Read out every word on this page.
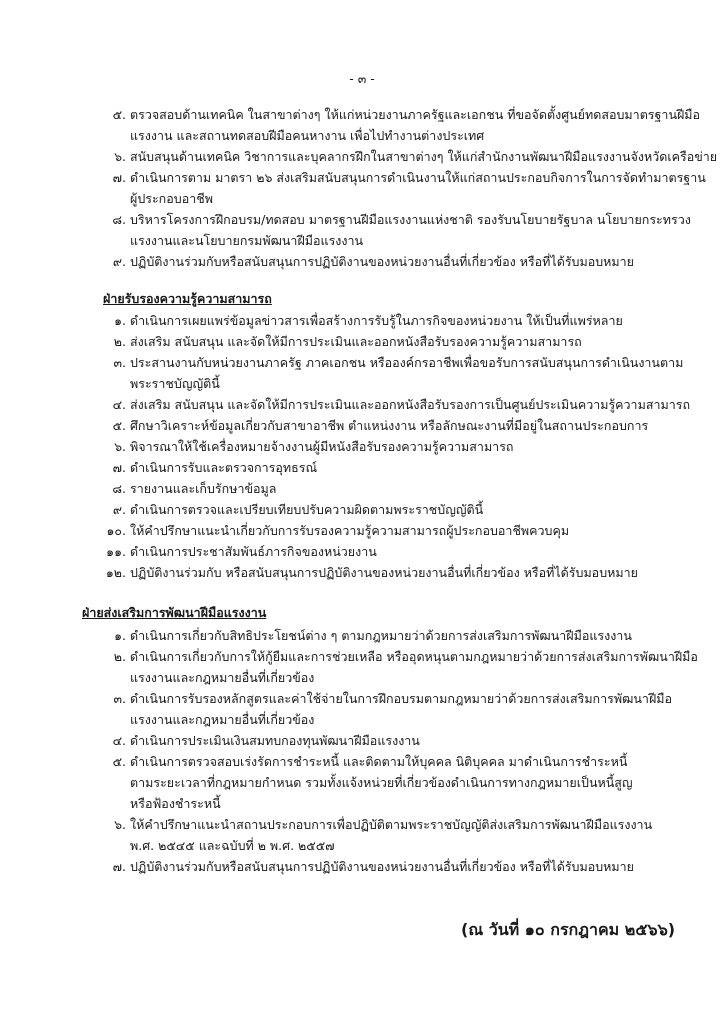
- ๓ -
๕. ตรวจสอบด้านเทคนิค ในสาขาต่างๆ ให้แก่หน่วยงานภาครัฐและเอกชน ที่ขอจัดตั้งศูนย์ทดสอบมาตรฐานฝีมือ
แรงงาน และสถานทดสอบฝีมือคนหางาน เพื่อไปทำงานต่างประเทศ
๖. สนับสนุนด้านเทคนิค วิชาการและบุคลากรฝึกในสาขาต่างๆ ให้แก่สำนักงานพัฒนาฝีมือแรงงานจังหวัดเครือข่าย
๗. ดำเนินการตาม มาตรา ๒๖ ส่งเสริมสนับสนุนการดำเนินงานให้แก่สถานประกอบกิจการในการจัดทำมาตรฐาน
ผู้ประกอบอาชีพ
๘. บริหารโครงการฝึกอบรม/ทดสอบ มาตรฐานฝีมือแรงงานแห่งชาติ รองรับนโยบายรัฐบาล นโยบายกระทรวง
แรงงานและนโยบายกรมพัฒนาฝีมือแรงงาน
๙. ปฏิบัติงานร่วมกับหรือสนับสนุนการปฏิบัติงานของหน่วยงานอื่นที่เกี่ยวข้อง หรือที่ได้รับมอบหมาย
ฝ่ายรับรองความรู้ความสามารถ
๑. ดำเนินการเผยแพร่ข้อมูลข่าวสารเพื่อสร้างการรับรู้ในภารกิจของหน่วยงาน ให้เป็นที่แพร่หลาย
๒. ส่งเสริม สนับสนุน และจัดให้มีการประเมินและออกหนังสือรับรองความรู้ความสามารถ
๓. ประสานงานกับหน่วยงานภาครัฐ ภาคเอกชน หรือองค์กรอาชีพเพื่อขอรับการสนับสนุนการดำเนินงานตาม
พระราชบัญญัตินี้
๔. ส่งเสริม สนับสนุน และจัดให้มีการประเมินและออกหนังสือรับรองการเป็นศูนย์ประเมินความรู้ความสามารถ
๕. ศึกษาวิเคราะห์ข้อมูลเกี่ยวกับสาขาอาชีพ ตำแหน่งงาน หรือลักษณะงานที่มีอยู่ในสถานประกอบการ
๖. พิจารณาให้ใช้เครื่องหมายจ้างงานผู้มีหนังสือรับรองความรู้ความสามารถ
๗. ดำเนินการรับและตรวจการอุทธรณ์
๘. รายงานและเก็บรักษาข้อมูล
๙. ดำเนินการตรวจและเปรียบเทียบปรับความผิดตามพระราชบัญญัตินี้
๑๐. ให้คำปรึกษาแนะนำเกี่ยวกับการรับรองความรู้ความสามารถผู้ประกอบอาชีพควบคุม
๑๑. ดำเนินการประชาสัมพันธ์ภารกิจของหน่วยงาน
๑๒. ปฏิบัติงานร่วมกับ หรือสนับสนุนการปฏิบัติงานของหน่วยงานอื่นที่เกี่ยวข้อง หรือที่ได้รับมอบหมาย
ฝ่ายส่งเสริมการพัฒนาฝีมือแรงงาน
๑. ดำเนินการเกี่ยวกับสิทธิประโยชน์ต่าง ๆ ตามกฎหมายว่าด้วยการส่งเสริมการพัฒนาฝีมือแรงงาน
๒. ดำเนินการเกี่ยวกับการให้กู้ยืมและการช่วยเหลือ หรืออุดหนุนตามกฎหมายว่าด้วยการส่งเสริมการพัฒนาฝีมือ
แรงงานและกฎหมายอื่นที่เกี่ยวข้อง
๓. ดำเนินการรับรองหลักสูตรและค่าใช้จ่ายในการฝึกอบรมตามกฎหมายว่าด้วยการส่งเสริมการพัฒนาฝีมือ
แรงงานและกฎหมายอื่นที่เกี่ยวข้อง
๔. ดำเนินการประเมินเงินสมทบกองทุนพัฒนาฝีมือแรงงาน
๕. ดำเนินการตรวจสอบเร่งรัดการชำระหนี้ และติดตามให้บุคคล นิติบุคคล มาดำเนินการชำระหนี้
ตามระยะเวลาที่กฎหมายกำหนด รวมทั้งแจ้งหน่วยที่เกี่ยวข้องดำเนินการทางกฎหมายเป็นหนี้สูญ
หรือฟ้องชำระหนี้
๖. ให้คำปรึกษาแนะนำสถานประกอบการเพื่อปฏิบัติตามพระราชบัญญัติส่งเสริมการพัฒนาฝีมือแรงงาน
พ.ศ. ๒๕๔๕ และฉบับที่ ๒ พ.ศ. ๒๕๕๗
๗. ปฏิบัติงานร่วมกับหรือสนับสนุนการปฏิบัติงานของหน่วยงานอื่นที่เกี่ยวข้อง หรือที่ได้รับมอบหมาย
(ณ วันที่ ๑๐ กรกฎาคม ๒๕๖๖)
